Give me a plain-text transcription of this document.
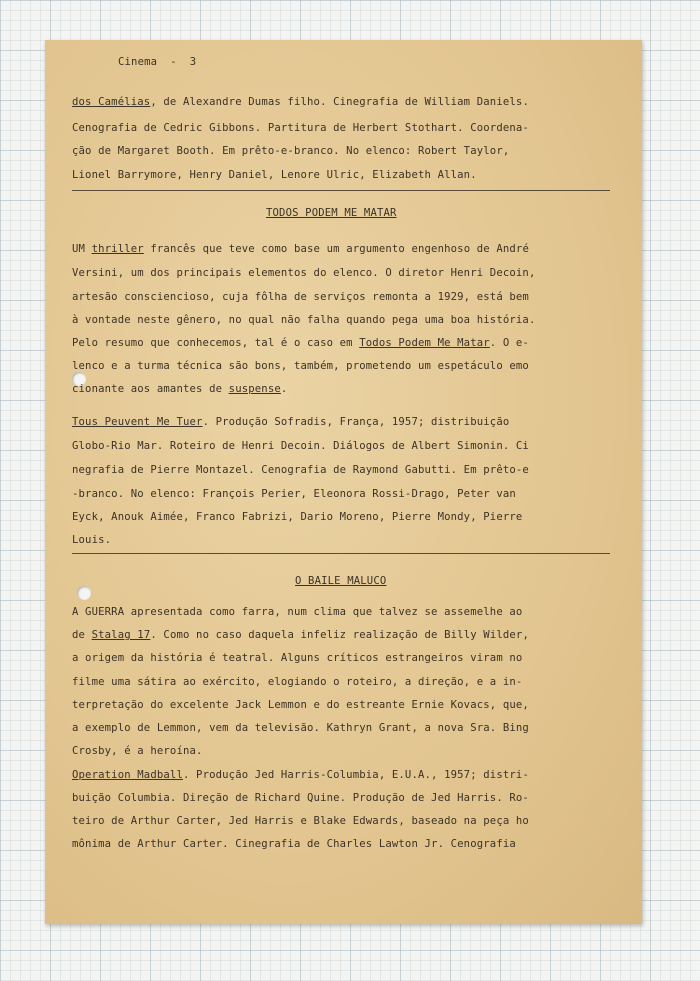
Cinema  -  3
dos Camélias, de Alexandre Dumas filho. Cinegrafia de William Daniels.
Cenografia de Cedric Gibbons. Partitura de Herbert Stothart. Coordena-
ção de Margaret Booth. Em prêto-e-branco. No elenco: Robert Taylor,
Lionel Barrymore, Henry Daniel, Lenore Ulric, Elizabeth Allan.
TODOS PODEM ME MATAR
UM thriller francês que teve como base um argumento engenhoso de André
Versini, um dos principais elementos do elenco. O diretor Henri Decoin,
artesão consciencioso, cuja fôlha de serviços remonta a 1929, está bem
à vontade neste gênero, no qual não falha quando pega uma boa história.
Pelo resumo que conhecemos, tal é o caso em Todos Podem Me Matar. O e-
lenco e a turma técnica são bons, também, prometendo um espetáculo emo
cionante aos amantes de suspense.
Tous Peuvent Me Tuer. Produção Sofradis, França, 1957; distribuição
Globo-Rio Mar. Roteiro de Henri Decoin. Diálogos de Albert Simonin. Ci
negrafia de Pierre Montazel. Cenografia de Raymond Gabutti. Em prêto-e
-branco. No elenco: François Perier, Eleonora Rossi-Drago, Peter van
Eyck, Anouk Aimée, Franco Fabrizi, Dario Moreno, Pierre Mondy, Pierre
Louis.
O BAILE MALUCO
A GUERRA apresentada como farra, num clima que talvez se assemelhe ao
de Stalag 17. Como no caso daquela infeliz realização de Billy Wilder,
a origem da história é teatral. Alguns críticos estrangeiros viram no
filme uma sátira ao exército, elogiando o roteiro, a direção, e a in-
terpretação do excelente Jack Lemmon e do estreante Ernie Kovacs, que,
a exemplo de Lemmon, vem da televisão. Kathryn Grant, a nova Sra. Bing
Crosby, é a heroína.
Operation Madball. Produção Jed Harris-Columbia, E.U.A., 1957; distri-
buição Columbia. Direção de Richard Quine. Produção de Jed Harris. Ro-
teiro de Arthur Carter, Jed Harris e Blake Edwards, baseado na peça ho
mônima de Arthur Carter. Cinegrafia de Charles Lawton Jr. Cenografia
